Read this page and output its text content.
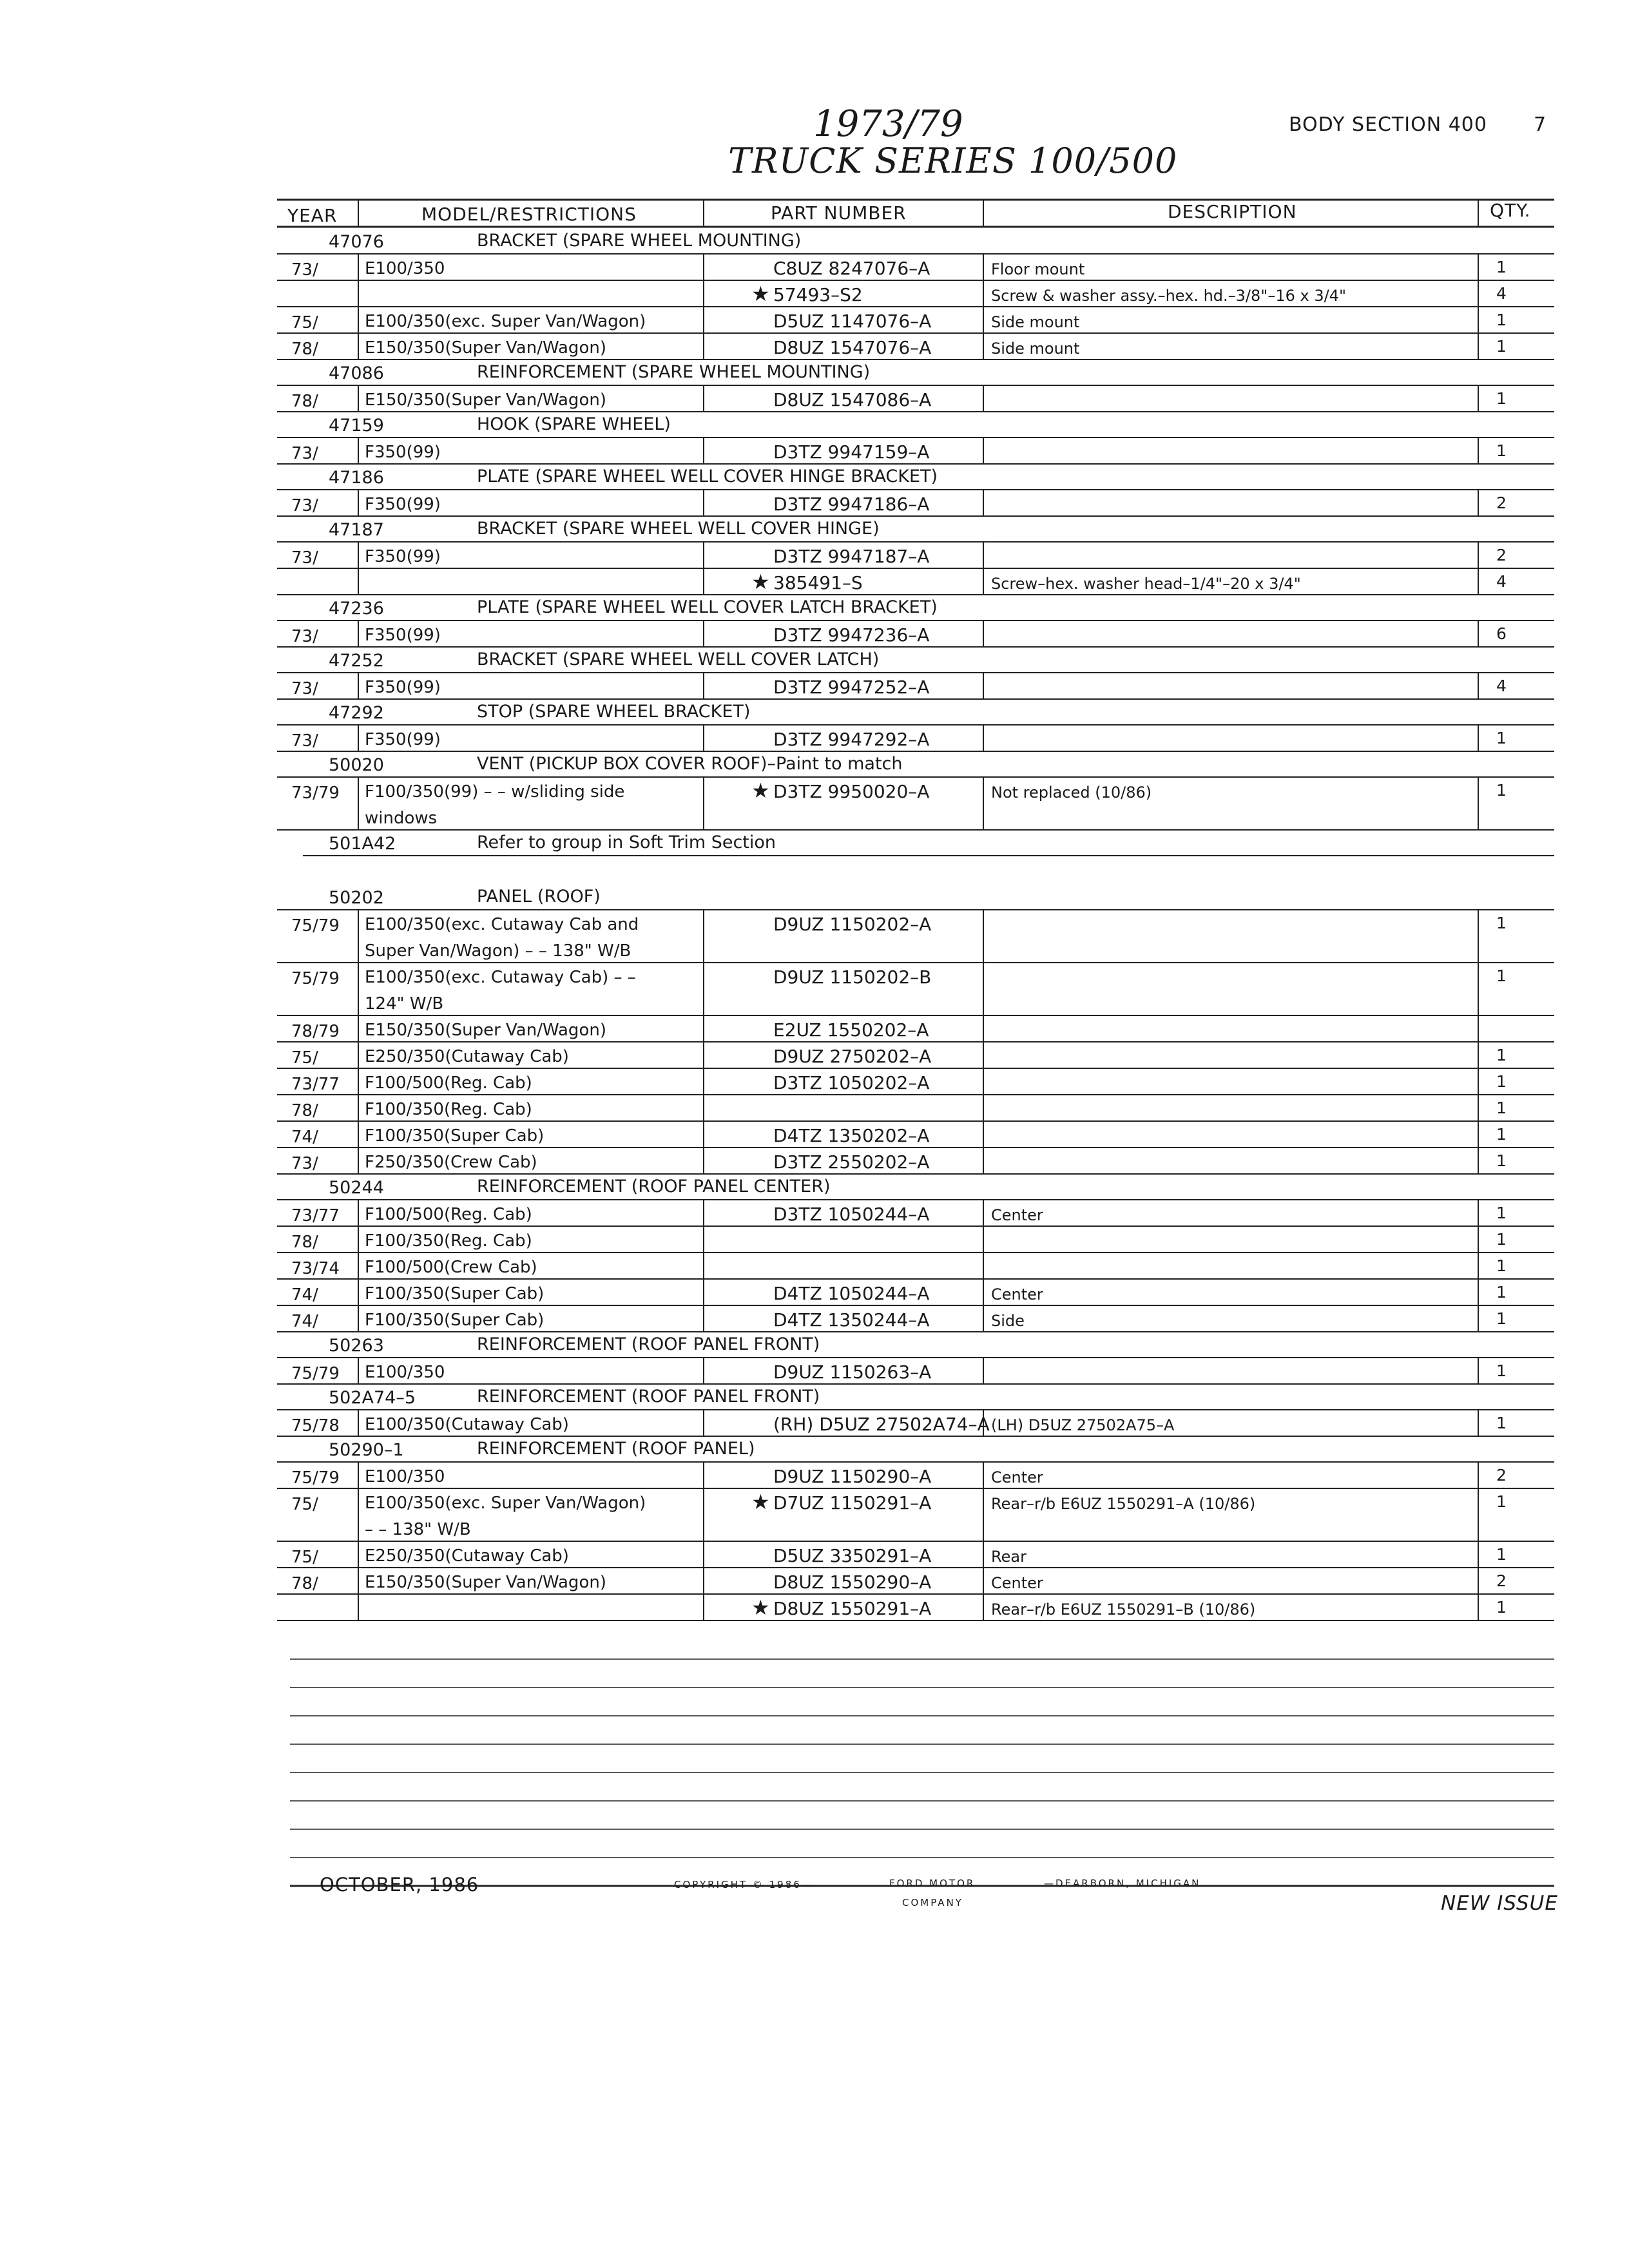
1973/79
TRUCK SERIES 100/500
BODY SECTION 400 7
YEAR	MODEL/RESTRICTIONS	PART NUMBER	DESCRIPTION	QTY.
47076	BRACKET (SPARE WHEEL MOUNTING)
73/	E100/350	C8UZ 8247076–A	Floor mount	1
★ 57493–S2	Screw & washer assy.–hex. hd.–3/8"–16 x 3/4"	4
75/	E100/350(exc. Super Van/Wagon)	D5UZ 1147076–A	Side mount	1
78/	E150/350(Super Van/Wagon)	D8UZ 1547076–A	Side mount	1
47086	REINFORCEMENT (SPARE WHEEL MOUNTING)
78/	E150/350(Super Van/Wagon)	D8UZ 1547086–A	1
47159	HOOK (SPARE WHEEL)
73/	F350(99)	D3TZ 9947159–A	1
47186	PLATE (SPARE WHEEL WELL COVER HINGE BRACKET)
73/	F350(99)	D3TZ 9947186–A	2
47187	BRACKET (SPARE WHEEL WELL COVER HINGE)
73/	F350(99)	D3TZ 9947187–A	2
★ 385491–S	Screw–hex. washer head–1/4"–20 x 3/4"	4
47236	PLATE (SPARE WHEEL WELL COVER LATCH BRACKET)
73/	F350(99)	D3TZ 9947236–A	6
47252	BRACKET (SPARE WHEEL WELL COVER LATCH)
73/	F350(99)	D3TZ 9947252–A	4
47292	STOP (SPARE WHEEL BRACKET)
73/	F350(99)	D3TZ 9947292–A	1
50020	VENT (PICKUP BOX COVER ROOF)–Paint to match
73/79 F100/350(99) – – w/sliding side
windows
★ D3TZ 9950020–A	Not replaced (10/86)	1
501A42	Refer to group in Soft Trim Section
50202	PANEL (ROOF)
75/79 E100/350(exc. Cutaway Cab and
Super Van/Wagon) – – 138" W/B
D9UZ 1150202–A	1
75/79 E100/350(exc. Cutaway Cab) – –
124" W/B
D9UZ 1150202–B	1
78/79 E150/350(Super Van/Wagon)	E2UZ 1550202–A
75/	E250/350(Cutaway Cab)	D9UZ 2750202–A	1
73/77 F100/500(Reg. Cab)	D3TZ 1050202–A	1
78/	F100/350(Reg. Cab)	1
74/	F100/350(Super Cab)	D4TZ 1350202–A	1
73/	F250/350(Crew Cab)	D3TZ 2550202–A	1
50244	REINFORCEMENT (ROOF PANEL CENTER)
73/77 F100/500(Reg. Cab)	D3TZ 1050244–A	Center	1
78/	F100/350(Reg. Cab)	1
73/74 F100/500(Crew Cab)	1
74/	F100/350(Super Cab)	D4TZ 1050244–A	Center	1
74/	F100/350(Super Cab)	D4TZ 1350244–A	Side	1
50263	REINFORCEMENT (ROOF PANEL FRONT)
75/79 E100/350	D9UZ 1150263–A	1
502A74–5	REINFORCEMENT (ROOF PANEL FRONT)
75/78 E100/350(Cutaway Cab)	(RH) D5UZ 27502A74–A (LH) D5UZ 27502A75–A	1
50290–1	REINFORCEMENT (ROOF PANEL)
75/79 E100/350	D9UZ 1150290–A	Center	2
75/	E100/350(exc. Super Van/Wagon)
– – 138" W/B
★ D7UZ 1150291–A	Rear–r/b E6UZ 1550291–A (10/86)	1
75/	E250/350(Cutaway Cab)	D5UZ 3350291–A	Rear	1
78/	E150/350(Super Van/Wagon)	D8UZ 1550290–A	Center	2
★ D8UZ 1550291–A	Rear–r/b E6UZ 1550291–B (10/86)	1
OCTOBER, 1986	COPYRIGHT © 1986—	FORD MOTOR
COMPANY
—DEARBORN, MICHIGAN
NEW ISSUE
